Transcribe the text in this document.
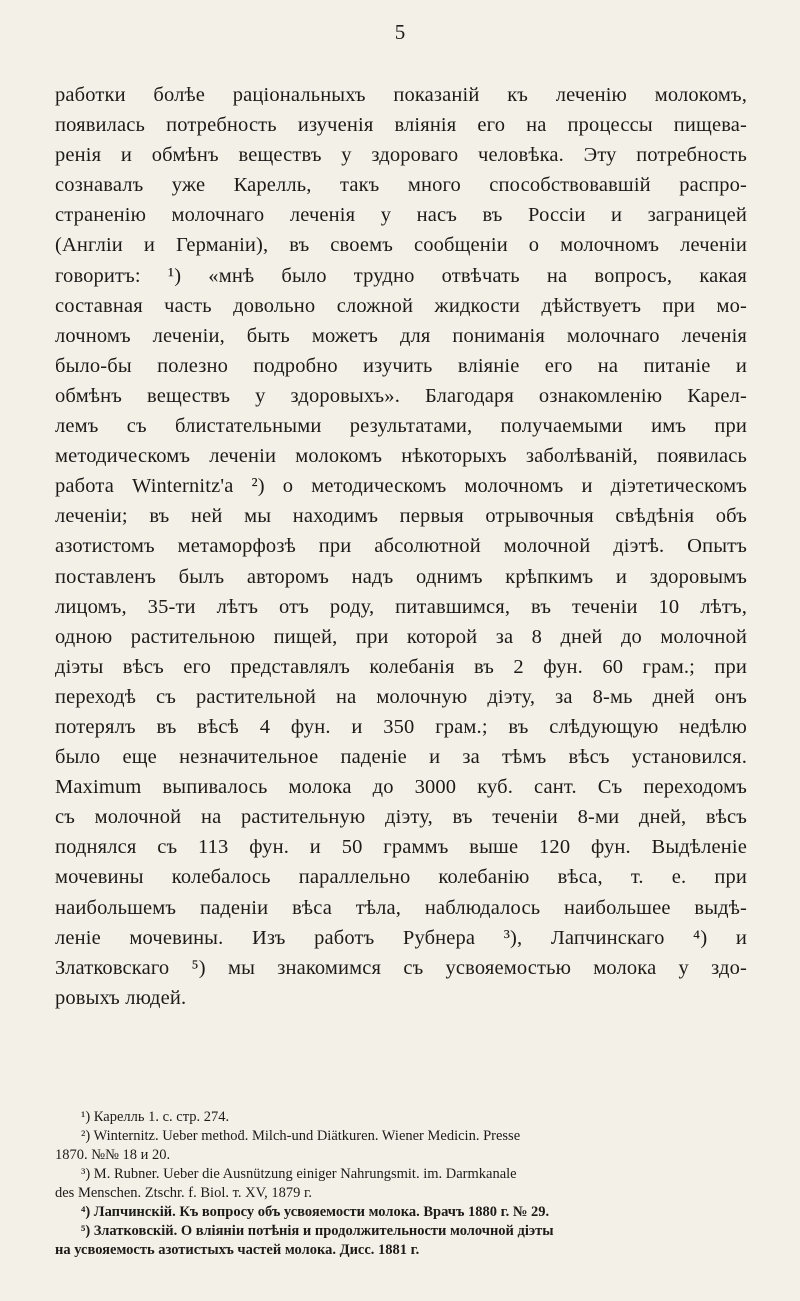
5
работки болѣе раціональныхъ показаній къ леченію молокомъ,
появилась потребность изученія вліянія его на процессы пищева-
ренія и обмѣнъ веществъ у здороваго человѣка. Эту потребность
сознавалъ уже Карелль, такъ много способствовавшій распро-
страненію молочнаго леченія у насъ въ Россіи и заграницей
(Англіи и Германіи), въ своемъ сообщеніи о молочномъ леченіи
говоритъ: ¹) «мнѣ было трудно отвѣчать на вопросъ, какая
составная часть довольно сложной жидкости дѣйствуетъ при мо-
лочномъ леченіи, быть можетъ для пониманія молочнаго леченія
было-бы полезно подробно изучить вліяніе его на питаніе и
обмѣнъ веществъ у здоровыхъ». Благодаря ознакомленію Карел-
лемъ съ блистательными результатами, получаемыми имъ при
методическомъ леченіи молокомъ нѣкоторыхъ заболѣваній, появилась
работа Winternitz'а ²) о методическомъ молочномъ и діэтетическомъ
леченіи; въ ней мы находимъ первыя отрывочныя свѣдѣнія объ
азотистомъ метаморфозѣ при абсолютной молочной діэтѣ. Опытъ
поставленъ былъ авторомъ надъ однимъ крѣпкимъ и здоровымъ
лицомъ, 35-ти лѣтъ отъ роду, питавшимся, въ теченіи 10 лѣтъ,
одною растительною пищей, при которой за 8 дней до молочной
діэты вѣсъ его представлялъ колебанія въ 2 фун. 60 грам.; при
переходѣ съ растительной на молочную діэту, за 8-мь дней онъ
потерялъ въ вѣсѣ 4 фун. и 350 грам.; въ слѣдующую недѣлю
было еще незначительное паденіе и за тѣмъ вѣсъ установился.
Maximum выпивалось молока до 3000 куб. сант. Съ переходомъ
съ молочной на растительную діэту, въ теченіи 8-ми дней, вѣсъ
поднялся съ 113 фун. и 50 граммъ выше 120 фун. Выдѣленіе
мочевины колебалось параллельно колебанію вѣса, т. е. при
наибольшемъ паденіи вѣса тѣла, наблюдалось наибольшее выдѣ-
леніе мочевины. Изъ работъ Рубнера ³), Лапчинскаго ⁴) и
Златковскаго ⁵) мы знакомимся съ усвояемостью молока у здо-
ровыхъ людей.
¹) Карелль 1. с. стр. 274.
²) Winternitz. Ueber methoḋ. Milch-und Diätkuren. Wiener Medicin. Presse
1870. №№ 18 и 20.
³) M. Rubner. Ueber die Ausnützung einiger Nahrungsmit. im. Darmkanale
des Menschen. Ztschr. f. Biol. т. XV, 1879 г.
⁴) Лапчинскій. Къ вопросу объ усвояемости молока. Врачъ 1880 г. № 29.
⁵) Златковскій. О вліяніи потѣнія и продолжительности молочной діэты
на усвояемость азотистыхъ частей молока. Дисс. 1881 г.
